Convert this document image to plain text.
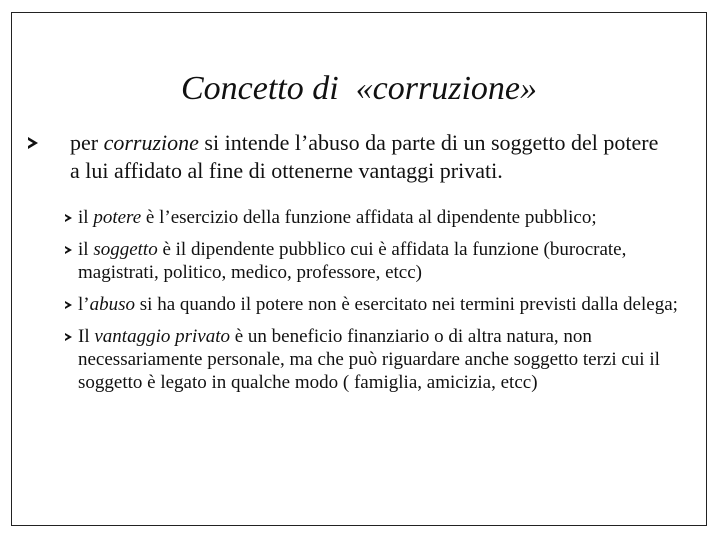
Concetto di  «corruzione»
per corruzione si intende l’abuso da parte di un soggetto del potere a lui affidato al fine di ottenerne vantaggi privati.
il potere è l’esercizio della funzione affidata al dipendente pubblico;
il soggetto è il dipendente pubblico cui è affidata la funzione (burocrate, magistrati, politico, medico, professore, etcc)
l’abuso si ha quando il potere non è esercitato nei termini previsti dalla delega;
Il vantaggio privato è un beneficio finanziario o di altra natura, non necessariamente personale, ma che può riguardare anche soggetto terzi cui il soggetto è legato in qualche modo ( famiglia, amicizia, etcc)
